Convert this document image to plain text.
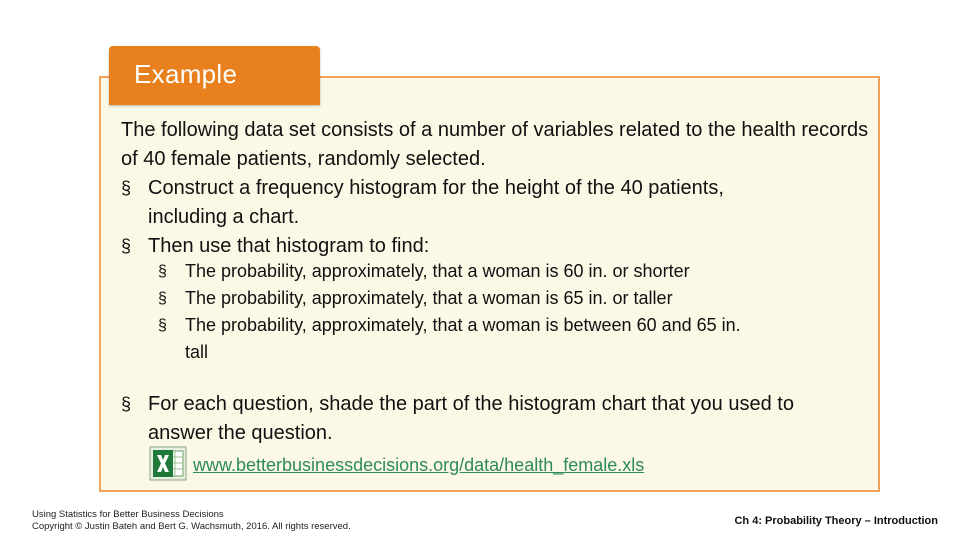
Example

The following data set consists of a number of variables related to the health records of 40 female patients, randomly selected.

§ Construct a frequency histogram for the height of the 40 patients,
including a chart.
§ Then use that histogram to find:
§ The probability, approximately, that a woman is 60 in. or shorter
§ The probability, approximately, that a woman is 65 in. or taller
§ The probability, approximately, that a woman is between 60 and 65 in.
tall
§ For each question, shade the part of the histogram chart that you used to
answer the question.
www.betterbusinessdecisions.org/data/health_female.xls
Using Statistics for Better Business Decisions
Copyright © Justin Bateh and Bert G. Wachsmuth, 2016. All rights reserved.	Ch 4: Probability Theory – Introduction
